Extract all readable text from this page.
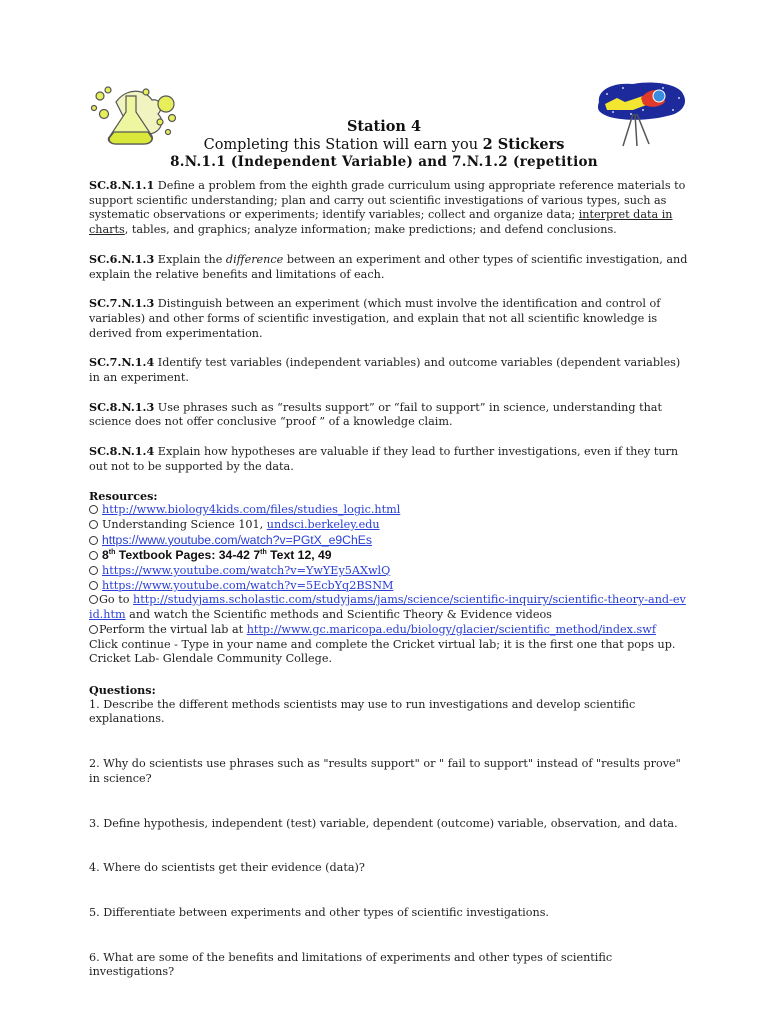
Station 4
Completing this Station will earn you 2 Stickers
8.N.1.1 (Independent Variable) and 7.N.1.2 (repetition

SC.8.N.1.1 Define a problem from the eighth grade curriculum using appropriate reference materials to support scientific understanding; plan and carry out scientific investigations of various types, such as systematic observations or experiments; identify variables; collect and organize data; interpret data in charts, tables, and graphics; analyze information; make predictions; and defend conclusions.

SC.6.N.1.3 Explain the difference between an experiment and other types of scientific investigation, and explain the relative benefits and limitations of each.

SC.7.N.1.3 Distinguish between an experiment (which must involve the identification and control of variables) and other forms of scientific investigation, and explain that not all scientific knowledge is derived from experimentation.

SC.7.N.1.4 Identify test variables (independent variables) and outcome variables (dependent variables) in an experiment.

SC.8.N.1.3 Use phrases such as “results support” or “fail to support” in science, understanding that science does not offer conclusive “proof ” of a knowledge claim.

SC.8.N.1.4 Explain how hypotheses are valuable if they lead to further investigations, even if they turn out not to be supported by the data.

Resources:

http://www.biology4kids.com/files/studies_logic.html

Understanding Science 101, undsci.berkeley.edu

https://www.youtube.com/watch?v=PGtX_e9ChEs

8th Textbook Pages: 34-42 7th Text 12, 49

https://www.youtube.com/watch?v=YwYEy5AXwlQ

https://www.youtube.com/watch?v=5EcbYq2BSNM

Go to http://studyjams.scholastic.com/studyjams/jams/science/scientific-inquiry/scientific-theory-and-evid.htm and watch the Scientific methods and Scientific Theory & Evidence videos

Perform the virtual lab at http://www.gc.maricopa.edu/biology/glacier/scientific_method/index.swf

Click continue - Type in your name and complete the Cricket virtual lab; it is the first one that pops up.

Cricket Lab- Glendale Community College.

Questions:

1. Describe the different methods scientists may use to run investigations and develop scientific explanations.

2. Why do scientists use phrases such as "results support" or " fail to support" instead of "results prove" in science?

3. Define hypothesis, independent (test) variable, dependent (outcome) variable, observation, and data.

4. Where do scientists get their evidence (data)?

5. Differentiate between experiments and other types of scientific investigations.

6. What are some of the benefits and limitations of experiments and other types of scientific investigations?
